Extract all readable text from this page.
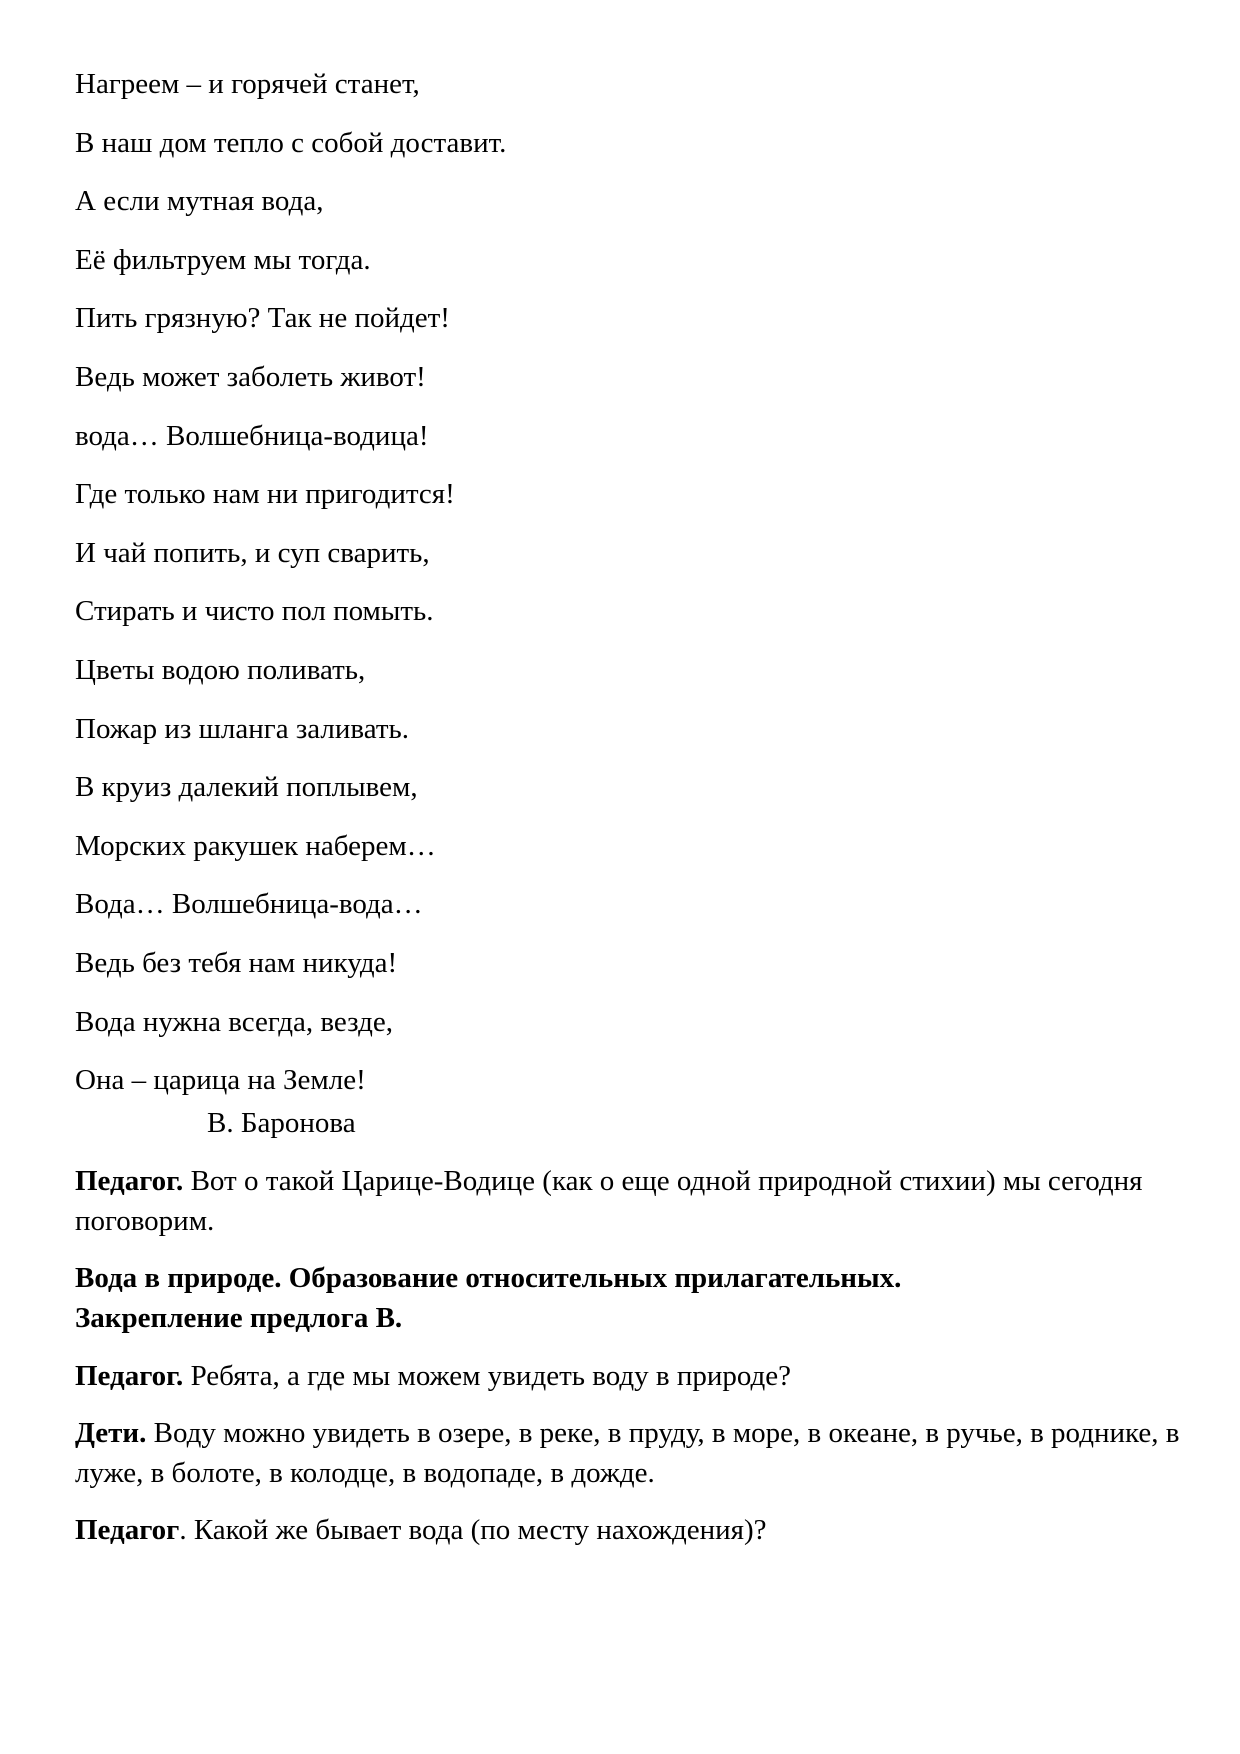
Нагреем – и горячей станет,
В наш дом тепло с собой доставит.
А если мутная вода,
Её фильтруем мы тогда.
Пить грязную? Так не пойдет!
Ведь может заболеть живот!
вода… Волшебница-водица!
Где только нам ни пригодится!
И чай попить, и суп сварить,
Стирать и чисто пол помыть.
Цветы водою поливать,
Пожар из шланга заливать.
В круиз далекий поплывем,
Морских ракушек наберем…
Вода… Волшебница-вода…
Ведь без тебя нам никуда!
Вода нужна всегда, везде,
Она – царица на Земле!
В. Баронова
Педагог. Вот о такой Царице-Водице (как о еще одной природной стихии) мы сегодня поговорим.
Вода в природе. Образование относительных прилагательных.
Закрепление предлога В.
Педагог. Ребята, а где мы можем увидеть воду в природе?
Дети. Воду можно увидеть в озере, в реке, в пруду, в море, в океане, в ручье, в роднике, в луже, в болоте, в колодце, в водопаде, в дожде.
Педагог. Какой же бывает вода (по месту нахождения)?
